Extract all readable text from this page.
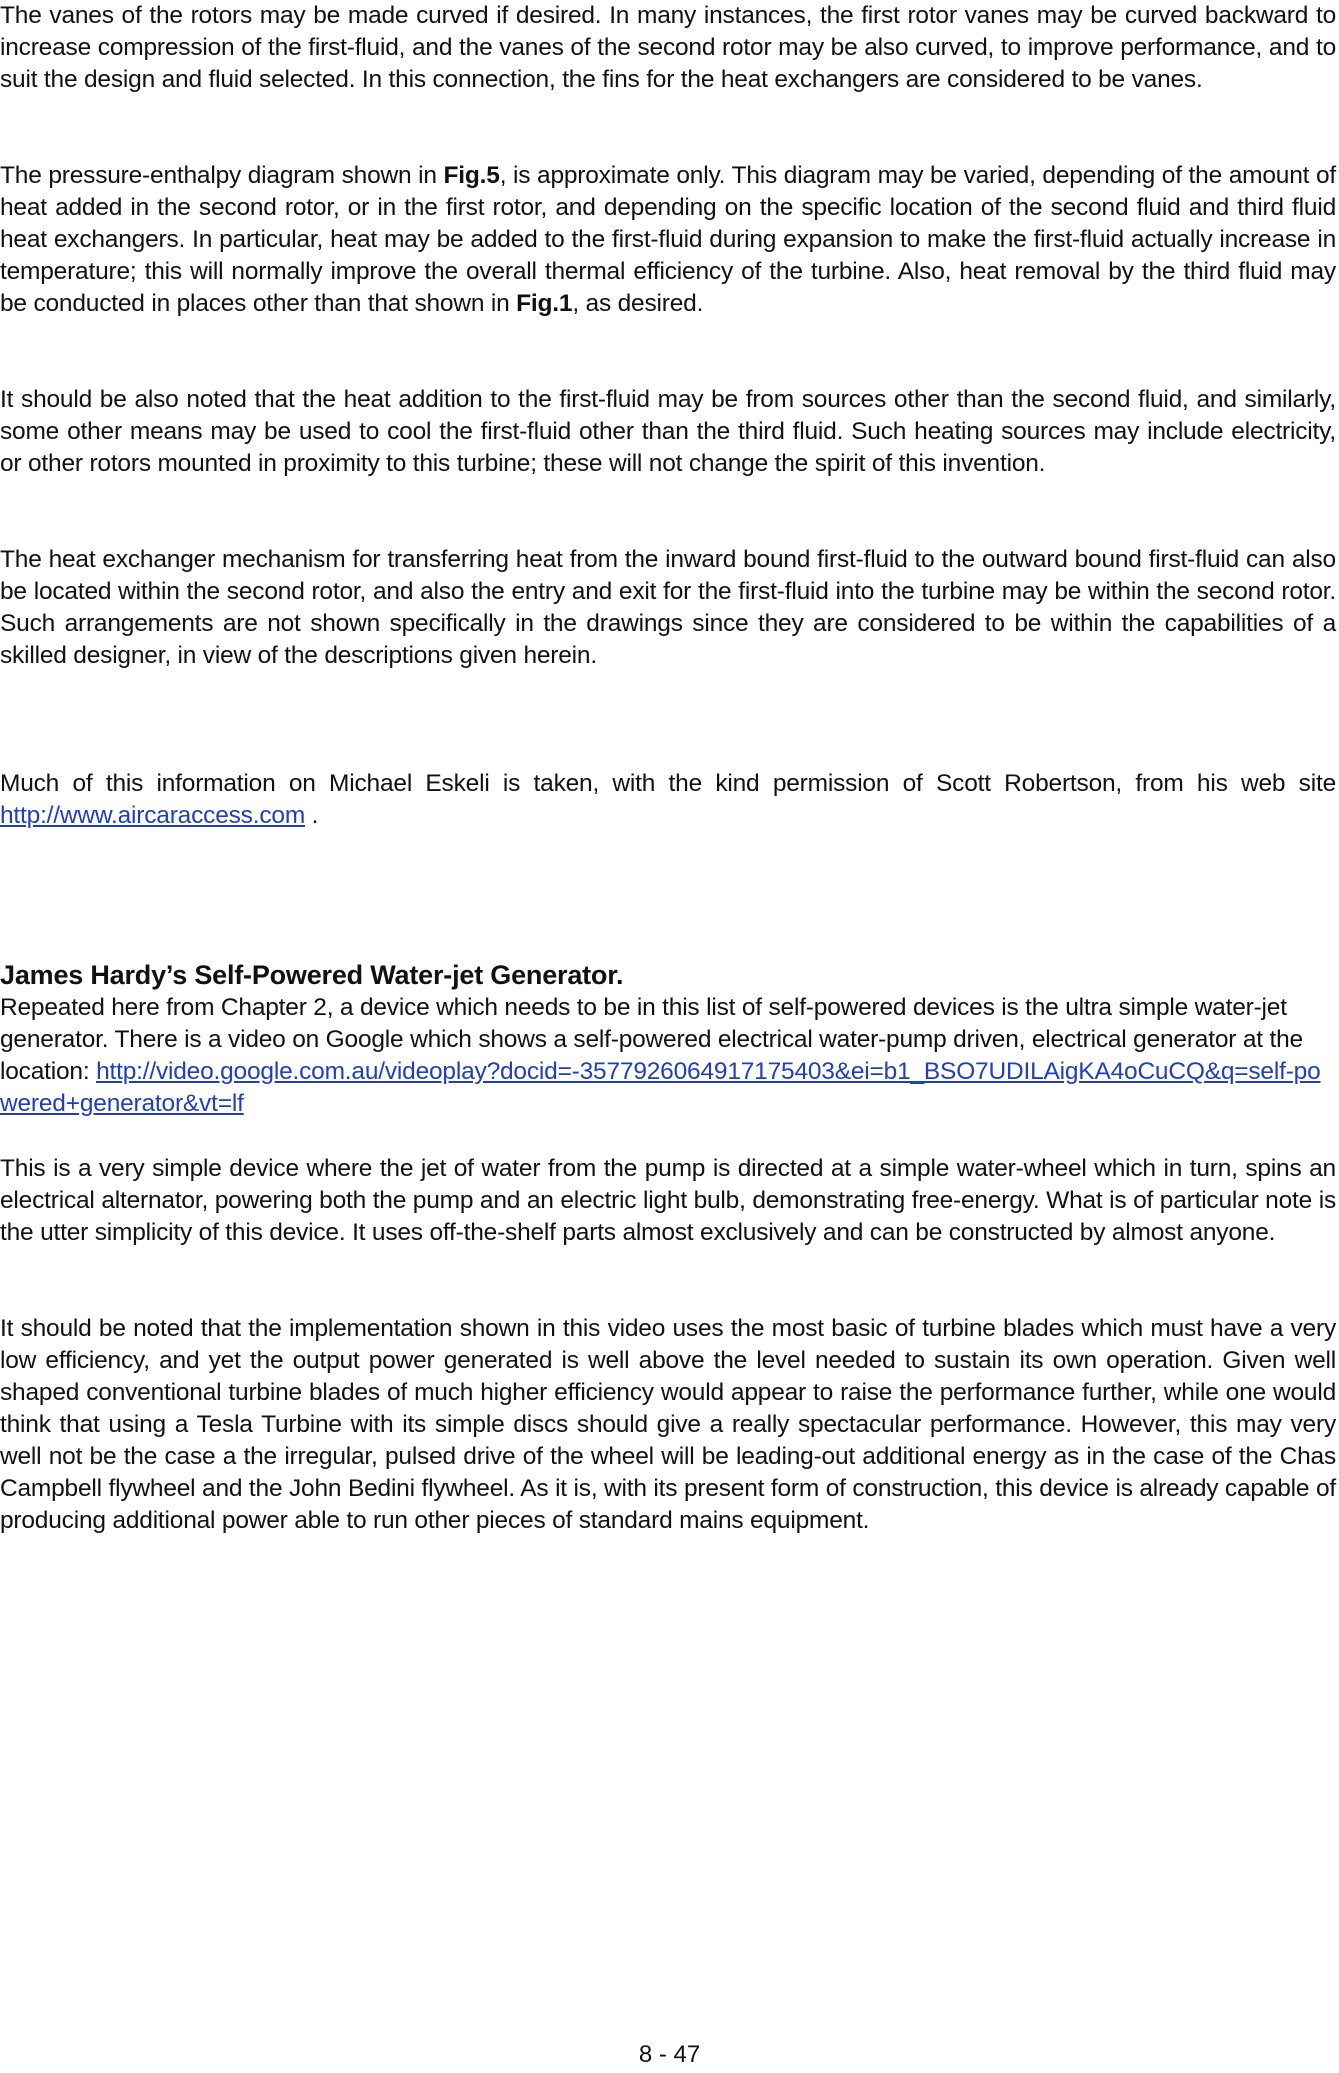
The vanes of the rotors may be made curved if desired. In many instances, the first rotor vanes may be curved backward to increase compression of the first-fluid, and the vanes of the second rotor may be also curved, to improve performance, and to suit the design and fluid selected. In this connection, the fins for the heat exchangers are considered to be vanes.

The pressure-enthalpy diagram shown in Fig.5, is approximate only. This diagram may be varied, depending of the amount of heat added in the second rotor, or in the first rotor, and depending on the specific location of the second fluid and third fluid heat exchangers. In particular, heat may be added to the first-fluid during expansion to make the first-fluid actually increase in temperature; this will normally improve the overall thermal efficiency of the turbine. Also, heat removal by the third fluid may be conducted in places other than that shown in Fig.1, as desired.

It should be also noted that the heat addition to the first-fluid may be from sources other than the second fluid, and similarly, some other means may be used to cool the first-fluid other than the third fluid. Such heating sources may include electricity, or other rotors mounted in proximity to this turbine; these will not change the spirit of this invention.

The heat exchanger mechanism for transferring heat from the inward bound first-fluid to the outward bound first-fluid can also be located within the second rotor, and also the entry and exit for the first-fluid into the turbine may be within the second rotor. Such arrangements are not shown specifically in the drawings since they are considered to be within the capabilities of a skilled designer, in view of the descriptions given herein.

Much of this information on Michael Eskeli is taken, with the kind permission of Scott Robertson, from his web site http://www.aircaraccess.com .

James Hardy’s Self-Powered Water-jet Generator.

Repeated here from Chapter 2, a device which needs to be in this list of self-powered devices is the ultra simple water-jet generator. There is a video on Google which shows a self-powered electrical water-pump driven, electrical generator at the location: http://video.google.com.au/videoplay?docid=-3577926064917175403&ei=b1_BSO7UDILAigKA4oCuCQ&q=self-powered+generator&vt=lf

This is a very simple device where the jet of water from the pump is directed at a simple water-wheel which in turn, spins an electrical alternator, powering both the pump and an electric light bulb, demonstrating free-energy. What is of particular note is the utter simplicity of this device. It uses off-the-shelf parts almost exclusively and can be constructed by almost anyone.

It should be noted that the implementation shown in this video uses the most basic of turbine blades which must have a very low efficiency, and yet the output power generated is well above the level needed to sustain its own operation. Given well shaped conventional turbine blades of much higher efficiency would appear to raise the performance further, while one would think that using a Tesla Turbine with its simple discs should give a really spectacular performance. However, this may very well not be the case a the irregular, pulsed drive of the wheel will be leading-out additional energy as in the case of the Chas Campbell flywheel and the John Bedini flywheel. As it is, with its present form of construction, this device is already capable of producing additional power able to run other pieces of standard mains equipment.

8 - 47
